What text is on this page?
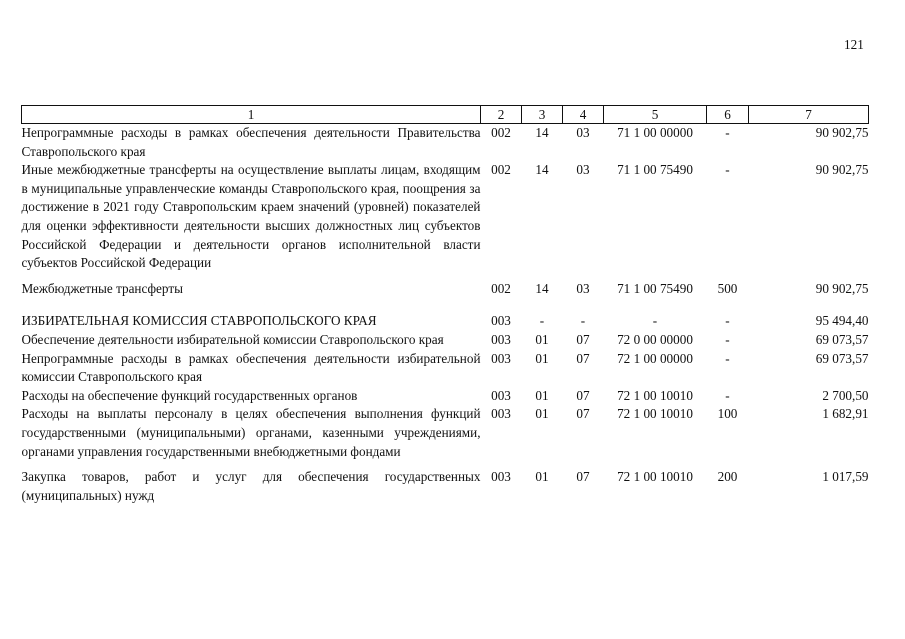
121
1	2	3	4	5	6	7
Непрограммные расходы в рамках обеспечения деятельности Правительства Ставропольского края	002	14	03	71 1 00 00000	-	90 902,75
Иные межбюджетные трансферты на осуществление выплаты лицам, входящим в муниципальные управленческие команды Ставропольского края, поощрения за достижение в 2021 году Ставропольским краем значений (уровней) показателей для оценки эффективности деятельности высших должностных лиц субъектов Российской Федерации и деятельности органов исполнительной власти субъектов Российской Федерации	002	14	03	71 1 00 75490	-	90 902,75
Межбюджетные трансферты	002	14	03	71 1 00 75490	500	90 902,75
ИЗБИРАТЕЛЬНАЯ КОМИССИЯ СТАВРОПОЛЬСКОГО КРАЯ	003	-	-	-	-	95 494,40
Обеспечение деятельности избирательной комиссии Ставропольского края	003	01	07	72 0 00 00000	-	69 073,57
Непрограммные расходы в рамках обеспечения деятельности избирательной комиссии Ставропольского края	003	01	07	72 1 00 00000	-	69 073,57
Расходы на обеспечение функций государственных органов	003	01	07	72 1 00 10010	-	2 700,50
Расходы на выплаты персоналу в целях обеспечения выполнения функций государственными (муниципальными) органами, казенными учреждениями, органами управления государственными внебюджетными фондами	003	01	07	72 1 00 10010	100	1 682,91
Закупка товаров, работ и услуг для обеспечения государственных (муниципальных) нужд	003	01	07	72 1 00 10010	200	1 017,59
